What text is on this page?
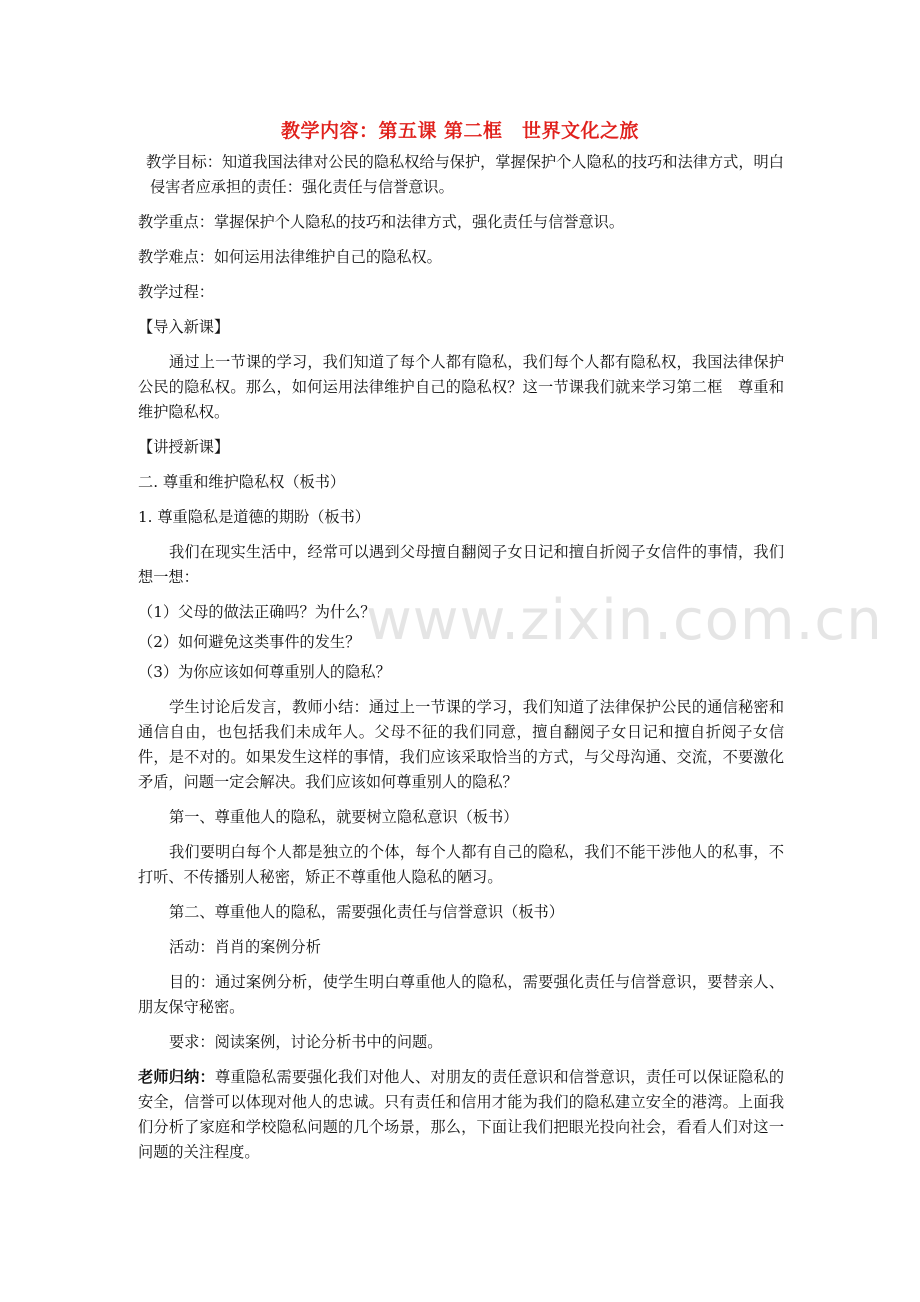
教学内容：第五课 第二框　世界文化之旅

教学目标：知道我国法律对公民的隐私权给与保护，掌握保护个人隐私的技巧和法律方式，明白

侵害者应承担的责任：强化责任与信誉意识。

教学重点：掌握保护个人隐私的技巧和法律方式，强化责任与信誉意识。

教学难点：如何运用法律维护自己的隐私权。

教学过程：

【导入新课】

通过上一节课的学习，我们知道了每个人都有隐私，我们每个人都有隐私权，我国法律保护公民的隐私权。那么，如何运用法律维护自己的隐私权？这一节课我们就来学习第二框　尊重和维护隐私权。

【讲授新课】

二. 尊重和维护隐私权（板书）

1. 尊重隐私是道德的期盼（板书）

我们在现实生活中，经常可以遇到父母擅自翻阅子女日记和擅自折阅子女信件的事情，我们想一想：

（1）父母的做法正确吗？为什么？

（2）如何避免这类事件的发生？

（3）为你应该如何尊重别人的隐私？

学生讨论后发言，教师小结：通过上一节课的学习，我们知道了法律保护公民的通信秘密和通信自由，也包括我们未成年人。父母不征的我们同意，擅自翻阅子女日记和擅自折阅子女信件，是不对的。如果发生这样的事情，我们应该采取恰当的方式，与父母沟通、交流，不要激化矛盾，问题一定会解决。我们应该如何尊重别人的隐私？

第一、尊重他人的隐私，就要树立隐私意识（板书）

我们要明白每个人都是独立的个体，每个人都有自己的隐私，我们不能干涉他人的私事，不打听、不传播别人秘密，矫正不尊重他人隐私的陋习。

第二、尊重他人的隐私，需要强化责任与信誉意识（板书）

活动：肖肖的案例分析

目的：通过案例分析，使学生明白尊重他人的隐私，需要强化责任与信誉意识，要替亲人、朋友保守秘密。

要求：阅读案例，讨论分析书中的问题。

老师归纳：尊重隐私需要强化我们对他人、对朋友的责任意识和信誉意识，责任可以保证隐私的安全，信誉可以体现对他人的忠诚。只有责任和信用才能为我们的隐私建立安全的港湾。上面我们分析了家庭和学校隐私问题的几个场景，那么，下面让我们把眼光投向社会，看看人们对这一问题的关注程度。

www.zixin.com.cn
